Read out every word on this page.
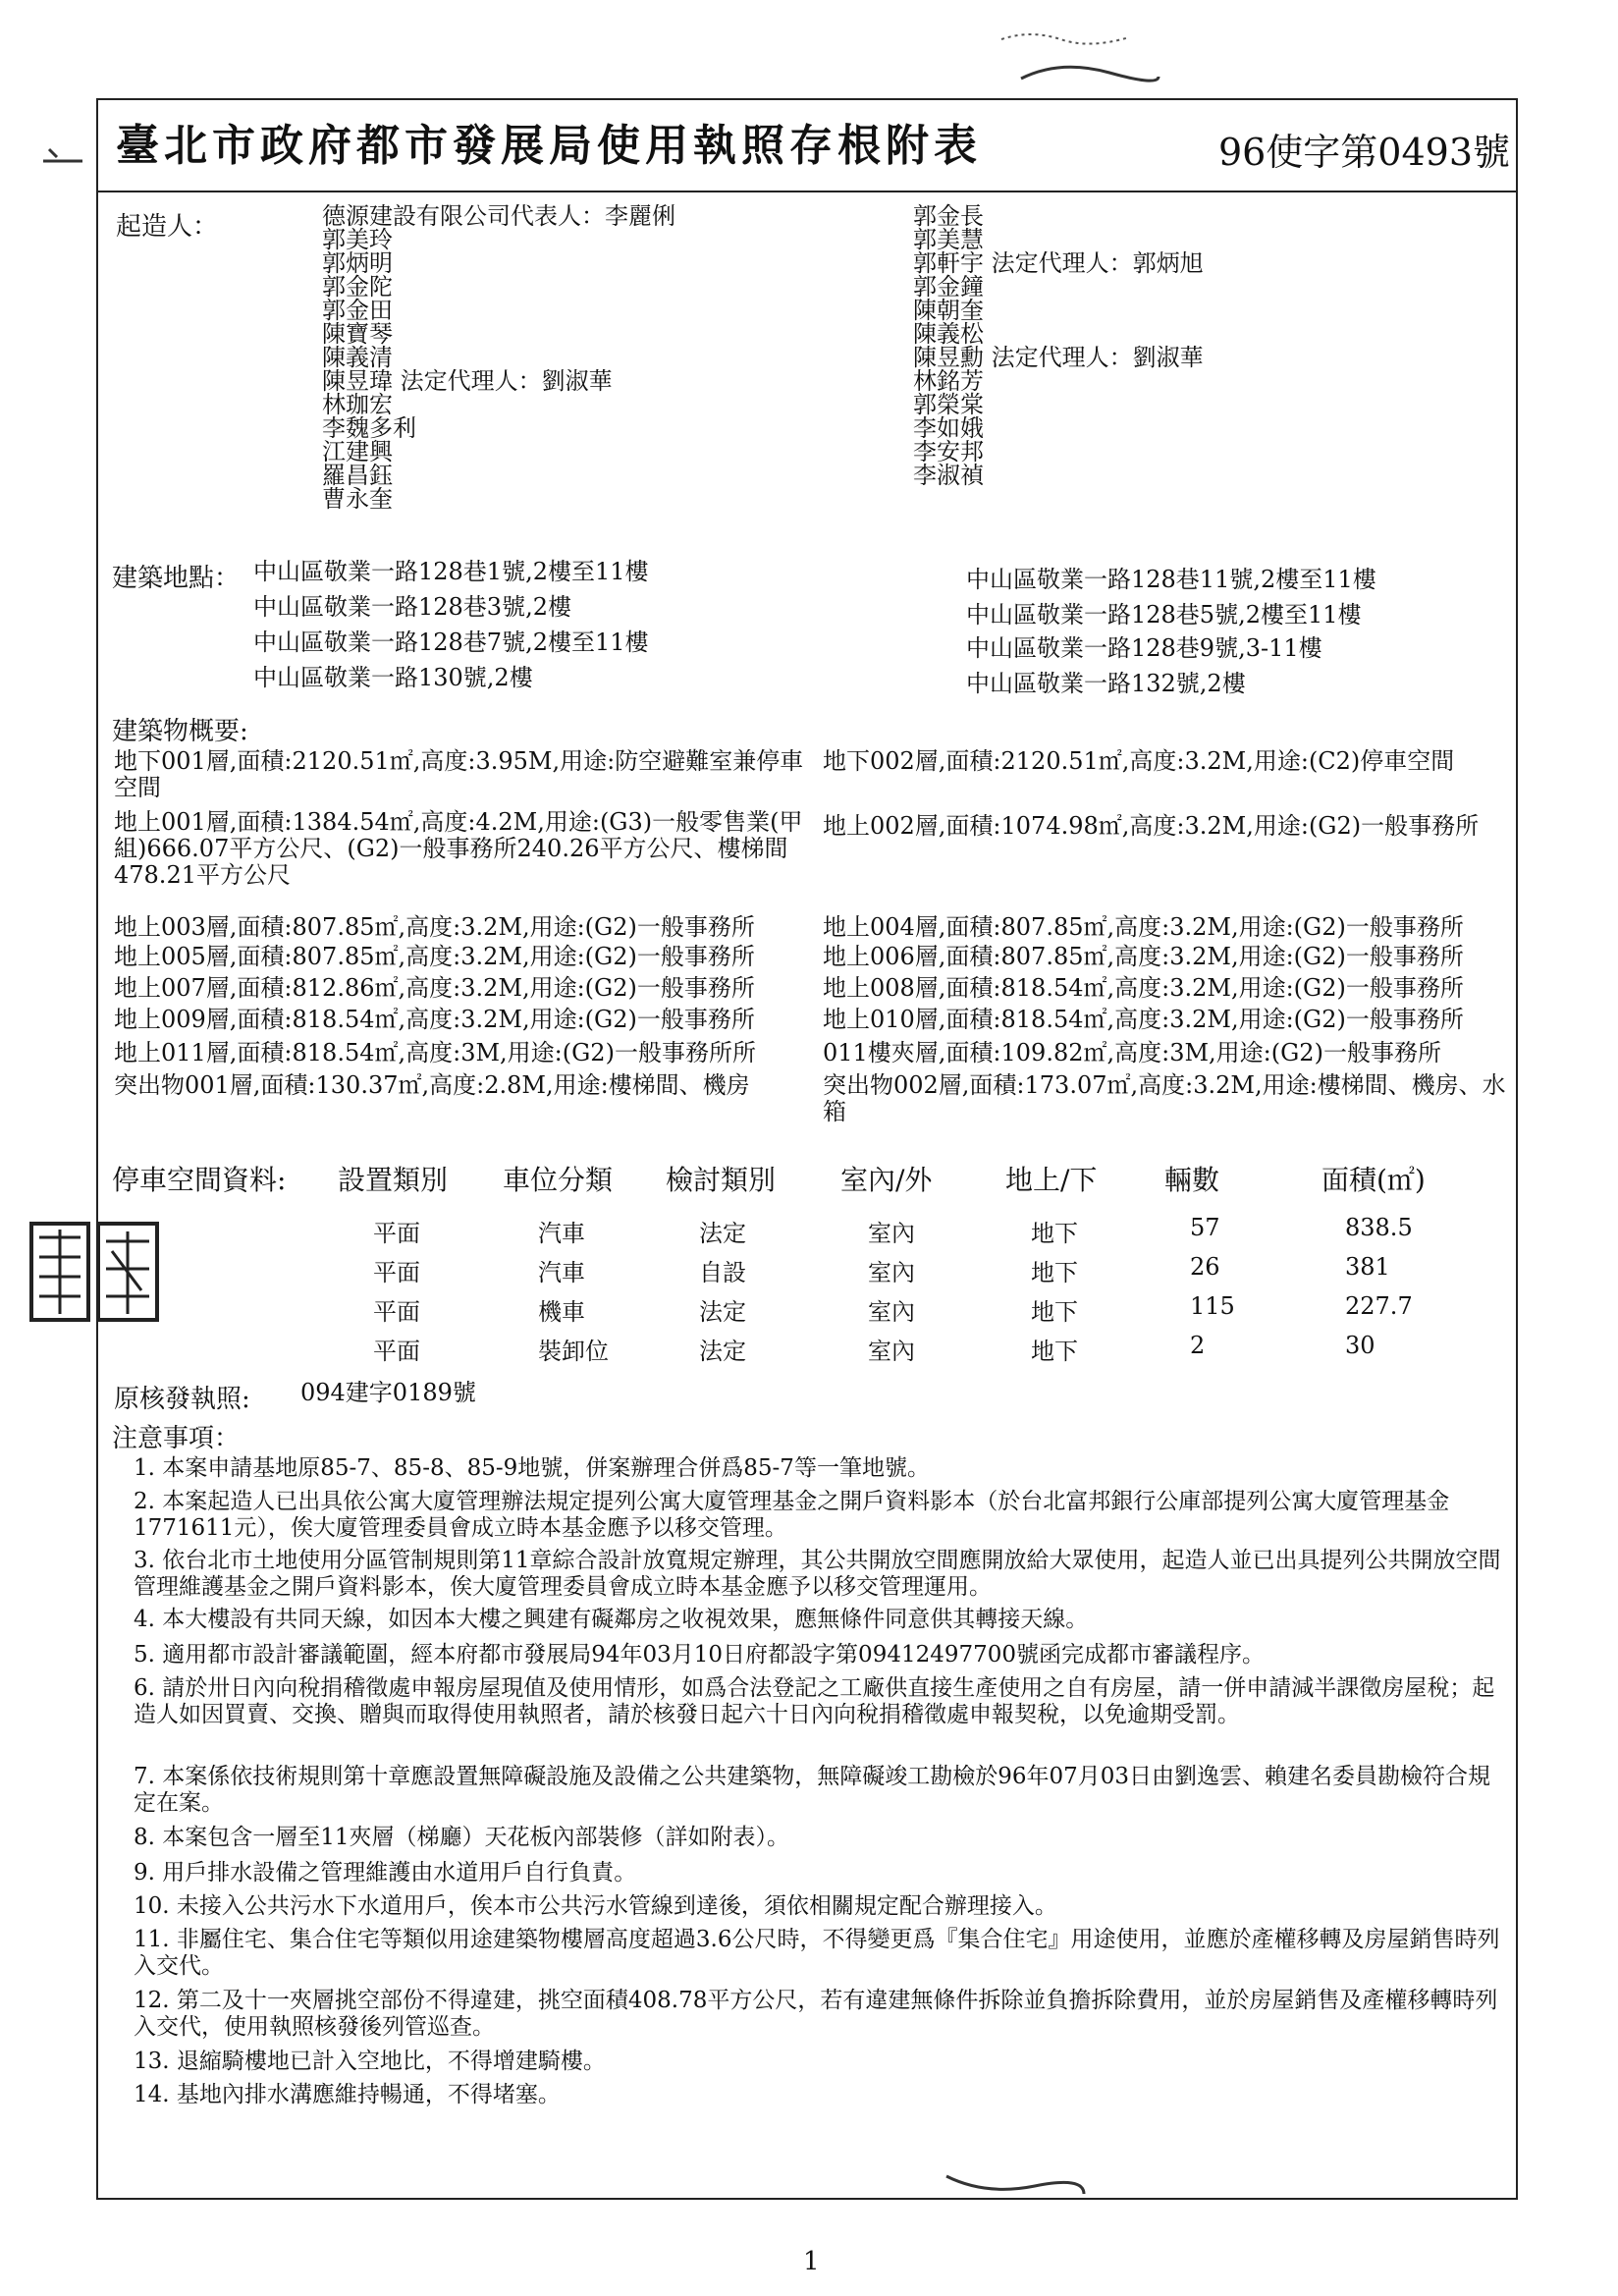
臺北市政府都市發展局使用執照存根附表	96使字第0493號
起造人：	德源建設有限公司代表人：李麗俐
郭美玲
郭炳明
郭金陀
郭金田
陳寶琴
陳義清
陳昱瑋 法定代理人：劉淑華
林珈宏
李魏多利
江建興
羅昌鈺
曹永奎
郭金長
郭美慧
郭軒宇 法定代理人：郭炳旭
郭金鐘
陳朝奎
陳義松
陳昱勳 法定代理人：劉淑華
林銘芳
郭榮棠
李如娥
李安邦
李淑禎
建築地點： 中山區敬業一路128巷1號,2樓至11樓
中山區敬業一路128巷3號,2樓
中山區敬業一路128巷7號,2樓至11樓
中山區敬業一路130號,2樓
中山區敬業一路128巷11號,2樓至11樓
中山區敬業一路128巷5號,2樓至11樓
中山區敬業一路128巷9號,3-11樓
中山區敬業一路132號,2樓
建築物概要:
地下001層,面積:2120.51㎡,高度:3.95M,用途:防空避難室兼停車空間
地下002層,面積:2120.51㎡,高度:3.2M,用途:(C2)停車空間
地上001層,面積:1384.54㎡,高度:4.2M,用途:(G3)一般零售業(甲組)666.07平方公尺、(G2)一般事務所240.26平方公尺、樓梯間478.21平方公尺
地上002層,面積:1074.98㎡,高度:3.2M,用途:(G2)一般事務所
地上003層,面積:807.85㎡,高度:3.2M,用途:(G2)一般事務所	地上004層,面積:807.85㎡,高度:3.2M,用途:(G2)一般事務所
地上005層,面積:807.85㎡,高度:3.2M,用途:(G2)一般事務所	地上006層,面積:807.85㎡,高度:3.2M,用途:(G2)一般事務所
地上007層,面積:812.86㎡,高度:3.2M,用途:(G2)一般事務所	地上008層,面積:818.54㎡,高度:3.2M,用途:(G2)一般事務所
地上009層,面積:818.54㎡,高度:3.2M,用途:(G2)一般事務所	地上010層,面積:818.54㎡,高度:3.2M,用途:(G2)一般事務所
地上011層,面積:818.54㎡,高度:3M,用途:(G2)一般事務所所	011樓夾層,面積:109.82㎡,高度:3M,用途:(G2)一般事務所
突出物001層,面積:130.37㎡,高度:2.8M,用途:樓梯間、機房	突出物002層,面積:173.07㎡,高度:3.2M,用途:樓梯間、機房、水箱
停車空間資料: 設置類別 車位分類 檢討類別 室內/外	地上/下 輛數	面積(㎡)
平面	汽車	法定	室內	地下	57	838.5
平面	汽車	自設	室內	地下	26	381
平面	機車	法定	室內	地下	115	227.7
平面	裝卸位	法定	室內	地下	2	30
原核發執照: 094建字0189號
注意事項：
1. 本案申請基地原85-7、85-8、85-9地號，併案辦理合併爲85-7等一筆地號。
2. 本案起造人已出具依公寓大廈管理辦法規定提列公寓大廈管理基金之開戶資料影本（於台北富邦銀行公庫部提列公寓大廈管理基金1771611元），俟大廈管理委員會成立時本基金應予以移交管理。
3. 依台北市土地使用分區管制規則第11章綜合設計放寬規定辦理，其公共開放空間應開放給大眾使用，起造人並已出具提列公共開放空間管理維護基金之開戶資料影本，俟大廈管理委員會成立時本基金應予以移交管理運用。
4. 本大樓設有共同天線，如因本大樓之興建有礙鄰房之收視效果，應無條件同意供其轉接天線。
5. 適用都市設計審議範圍，經本府都市發展局94年03月10日府都設字第09412497700號函完成都市審議程序。
6. 請於卅日內向稅捐稽徵處申報房屋現值及使用情形，如爲合法登記之工廠供直接生產使用之自有房屋，請一併申請減半課徵房屋稅；起造人如因買賣、交換、贈與而取得使用執照者，請於核發日起六十日內向稅捐稽徵處申報契稅，以免逾期受罰。
7. 本案係依技術規則第十章應設置無障礙設施及設備之公共建築物，無障礙竣工勘檢於96年07月03日由劉逸雲、賴建名委員勘檢符合規定在案。
8. 本案包含一層至11夾層（梯廳）天花板內部裝修（詳如附表）。
9. 用戶排水設備之管理維護由水道用戶自行負責。
10. 未接入公共污水下水道用戶，俟本市公共污水管線到達後，須依相關規定配合辦理接入。
11. 非屬住宅、集合住宅等類似用途建築物樓層高度超過3.6公尺時，不得變更爲『集合住宅』用途使用，並應於產權移轉及房屋銷售時列入交代。
12. 第二及十一夾層挑空部份不得違建，挑空面積408.78平方公尺，若有違建無條件拆除並負擔拆除費用，並於房屋銷售及產權移轉時列入交代，使用執照核發後列管巡查。
13. 退縮騎樓地已計入空地比，不得增建騎樓。
14. 基地內排水溝應維持暢通，不得堵塞。
1
